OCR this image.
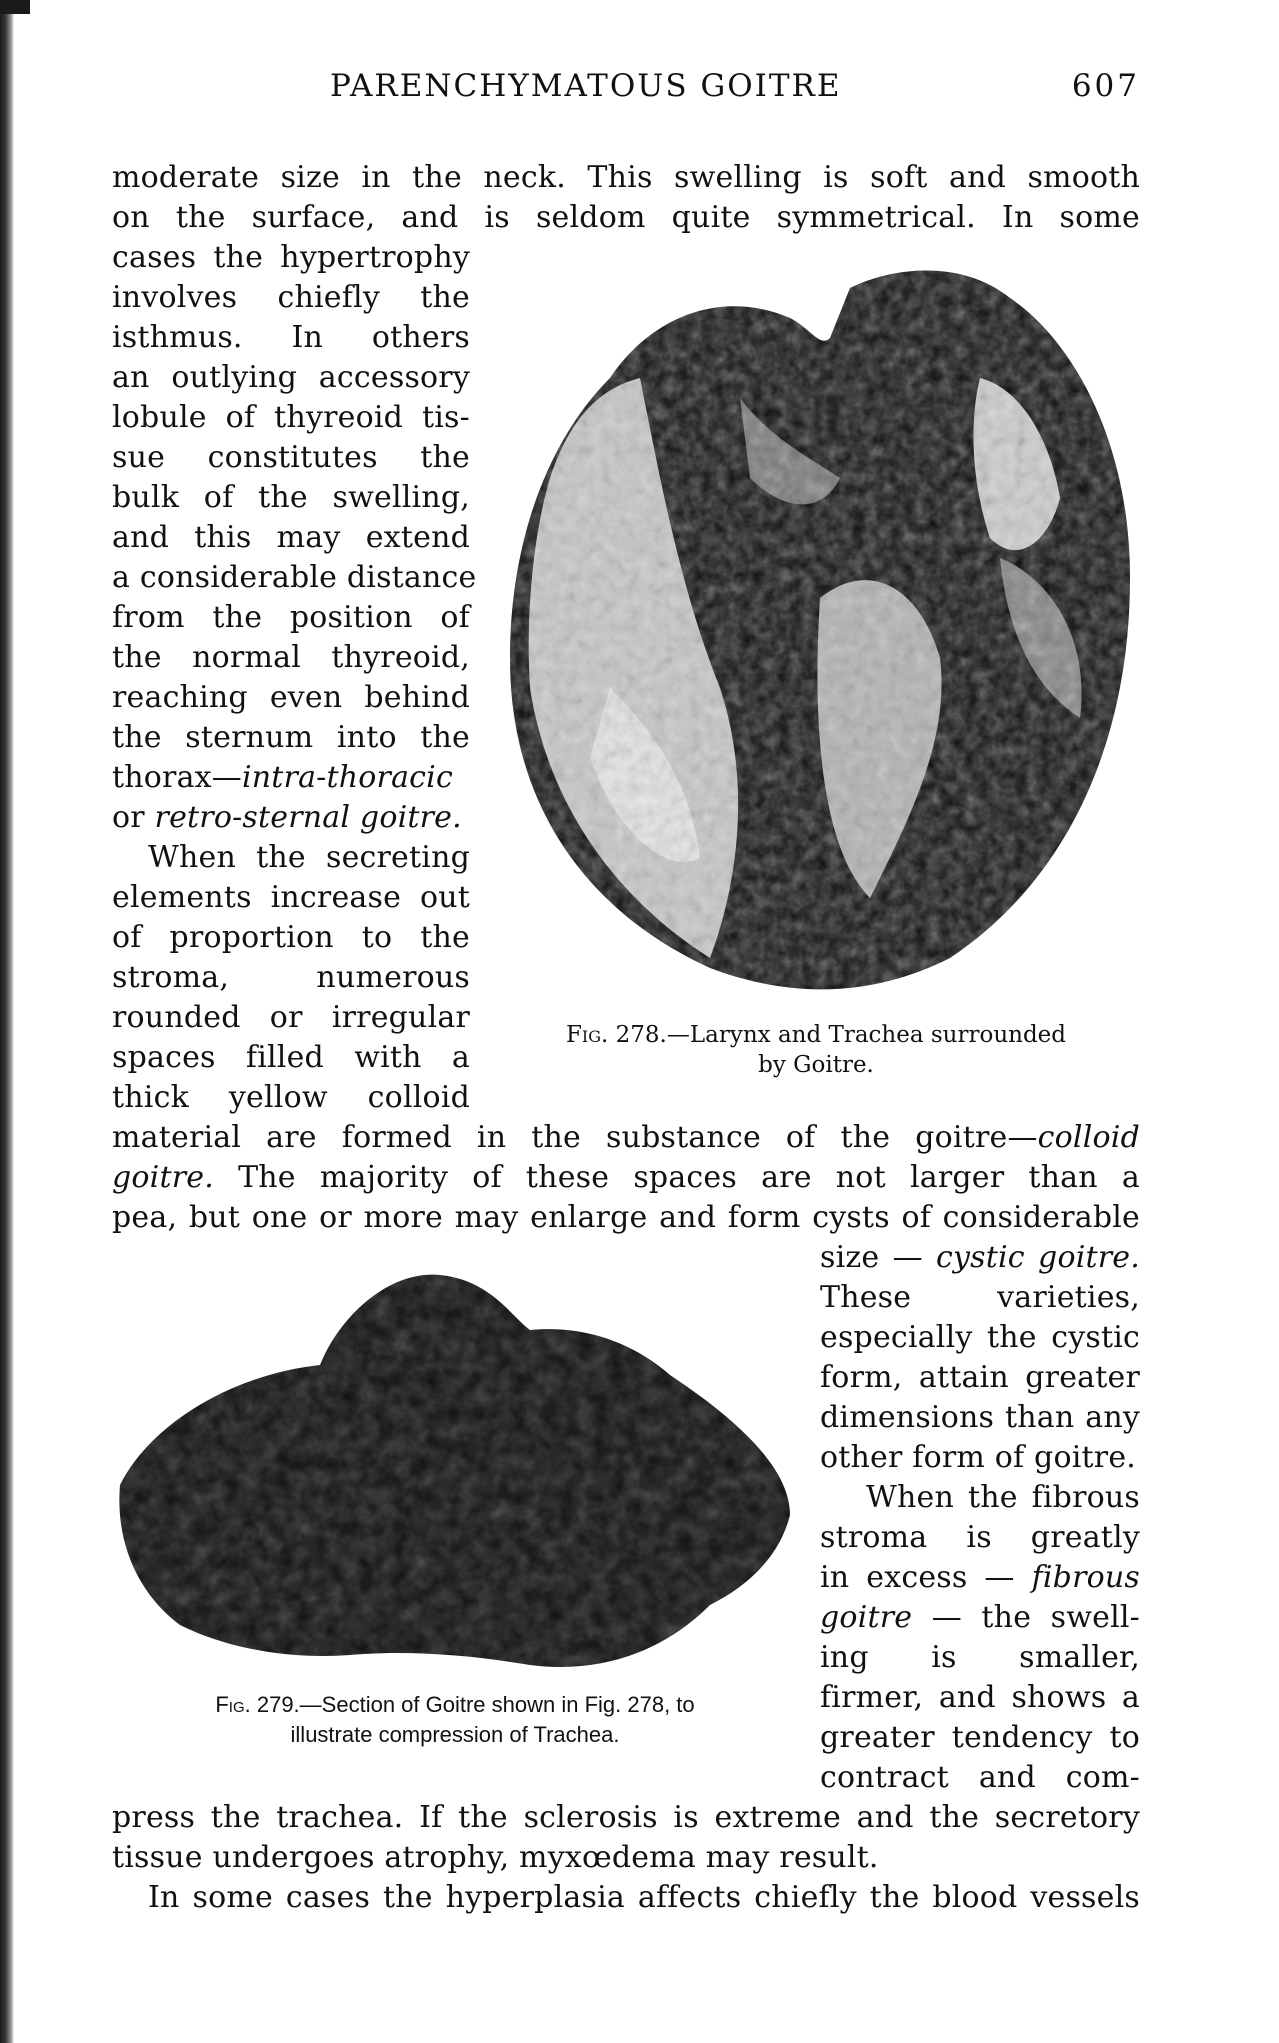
PARENCHYMATOUS GOITRE	607
moderate size in the neck. This swelling is soft and smooth
on the surface, and is seldom quite symmetrical. In some
cases the hypertrophy
involves chiefly the
isthmus. In others
an outlying accessory
lobule of thyreoid tis-
sue constitutes the
bulk of the swelling,
and this may extend
a considerable distance
from the position of
the normal thyreoid,
reaching even behind
the sternum into the
thorax—intra-thoracic
or retro-sternal goitre.
When the secreting
elements increase out
of proportion to the
stroma, numerous
rounded or irregular
spaces filled with a
thick yellow colloid
Fig. 278.—Larynx and Trachea surrounded
by Goitre.
material are formed in the substance of the goitre—colloid
goitre. The majority of these spaces are not larger than a
pea, but one or more may enlarge and form cysts of considerable
size — cystic goitre.
These varieties,
especially the cystic
form, attain greater
dimensions than any
other form of goitre.
When the fibrous
stroma is greatly
in excess — fibrous
goitre — the swell-
ing is smaller,
firmer, and shows a
greater tendency to
contract and com-
Fig. 279.—Section of Goitre shown in Fig. 278, to
illustrate compression of Trachea.
press the trachea. If the sclerosis is extreme and the secretory
tissue undergoes atrophy, myxœdema may result.
In some cases the hyperplasia affects chiefly the blood vessels
